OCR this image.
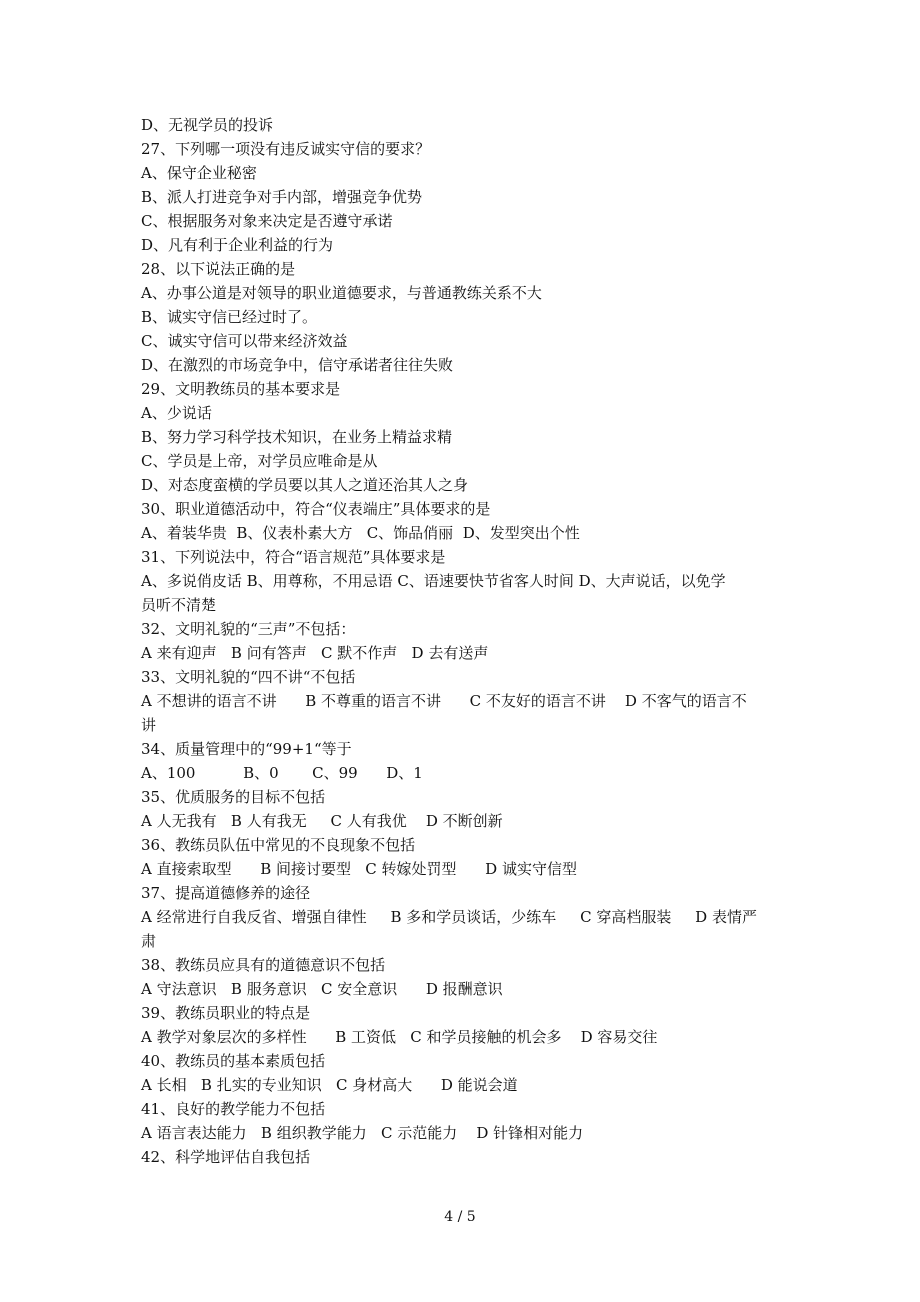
D、无视学员的投诉
27、下列哪一项没有违反诚实守信的要求？
A、保守企业秘密
B、派人打进竞争对手内部，增强竞争优势
C、根据服务对象来决定是否遵守承诺
D、凡有利于企业利益的行为
28、以下说法正确的是
A、办事公道是对领导的职业道德要求，与普通教练关系不大
B、诚实守信已经过时了。
C、诚实守信可以带来经济效益
D、在激烈的市场竞争中，信守承诺者往往失败
29、文明教练员的基本要求是
A、少说话
B、努力学习科学技术知识，在业务上精益求精
C、学员是上帝，对学员应唯命是从
D、对态度蛮横的学员要以其人之道还治其人之身
30、职业道德活动中，符合“仪表端庄”具体要求的是
A、着装华贵  B、仪表朴素大方   C、饰品俏丽  D、发型突出个性
31、下列说法中，符合“语言规范”具体要求是
A、多说俏皮话 B、用尊称，不用忌语 C、语速要快节省客人时间 D、大声说话，以免学
员听不清楚
32、文明礼貌的“三声”不包括：
A 来有迎声   B 问有答声   C 默不作声   D 去有送声
33、文明礼貌的“四不讲“不包括
A 不想讲的语言不讲      B 不尊重的语言不讲      C 不友好的语言不讲    D 不客气的语言不
讲
34、质量管理中的“99+1“等于
A、100          B、0       C、99      D、1
35、优质服务的目标不包括
A 人无我有   B 人有我无     C 人有我优    D 不断创新
36、教练员队伍中常见的不良现象不包括
A 直接索取型      B 间接讨要型   C 转嫁处罚型      D 诚实守信型
37、提高道德修养的途径
A 经常进行自我反省、增强自律性     B 多和学员谈话，少练车     C 穿高档服装     D 表情严
肃
38、教练员应具有的道德意识不包括
A 守法意识   B 服务意识   C 安全意识      D 报酬意识
39、教练员职业的特点是
A 教学对象层次的多样性      B 工资低   C 和学员接触的机会多    D 容易交往
40、教练员的基本素质包括
A 长相   B 扎实的专业知识   C 身材高大      D 能说会道
41、良好的教学能力不包括
A 语言表达能力   B 组织教学能力   C 示范能力    D 针锋相对能力
42、科学地评估自我包括
4 / 5
